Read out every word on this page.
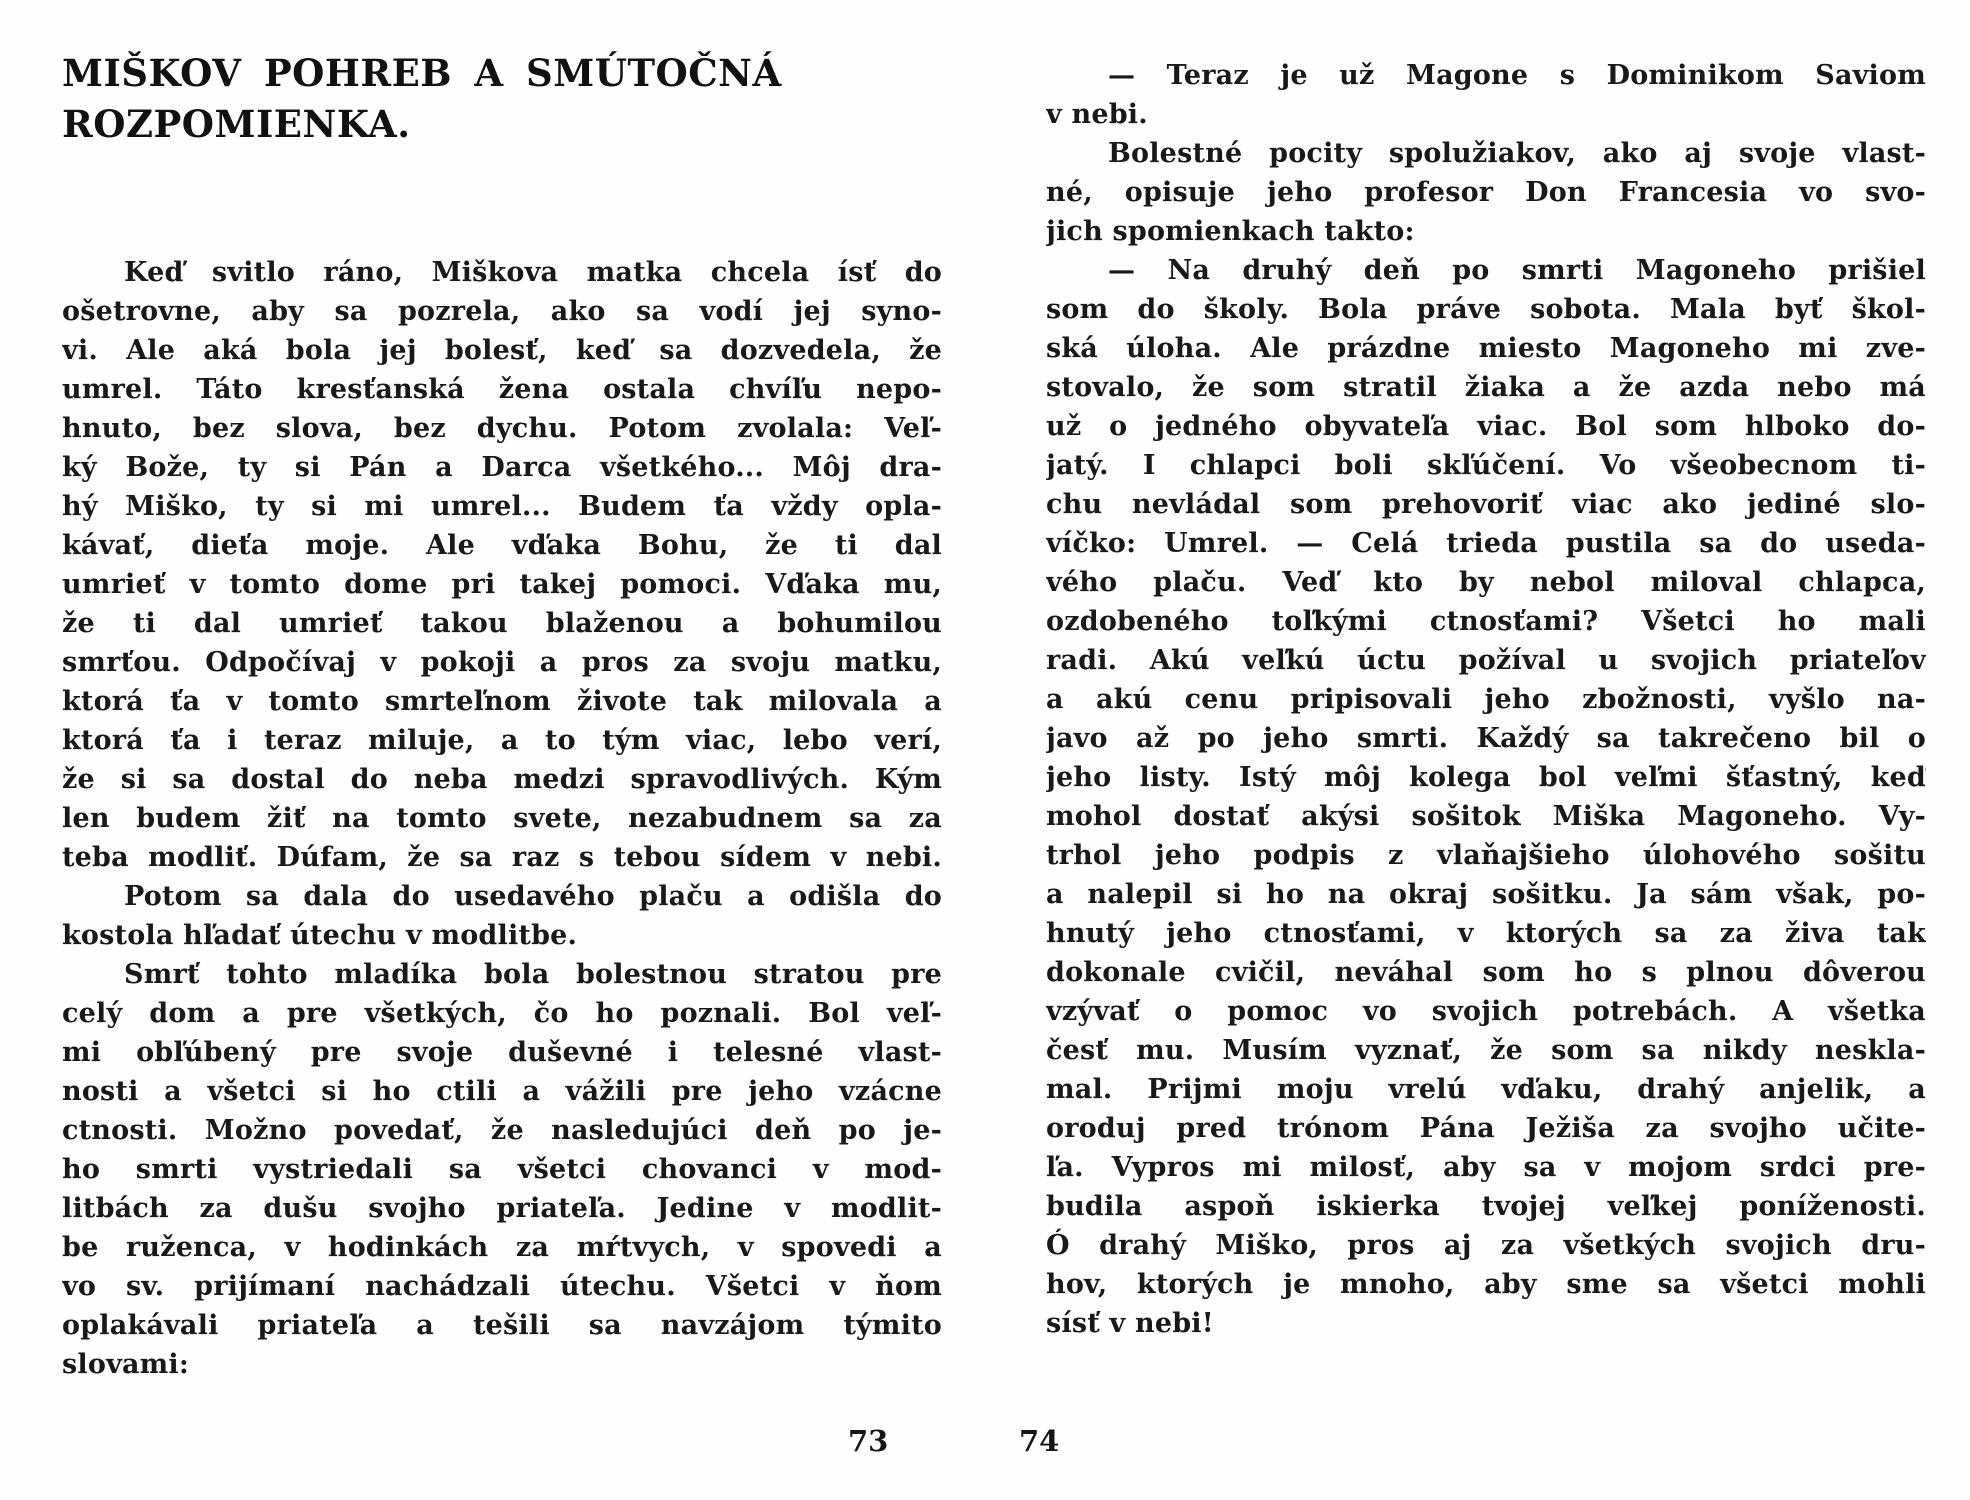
MIŠKOV POHREB A SMÚTOČNÁ
ROZPOMIENKA.
Keď svitlo ráno, Miškova matka chcela ísť do
ošetrovne, aby sa pozrela, ako sa vodí jej syno-
vi. Ale aká bola jej bolesť, keď sa dozvedela, že
umrel. Táto kresťanská žena ostala chvíľu nepo-
hnuto, bez slova, bez dychu. Potom zvolala: Veľ-
ký Bože, ty si Pán a Darca všetkého... Môj dra-
hý Miško, ty si mi umrel... Budem ťa vždy opla-
kávať, dieťa moje. Ale vďaka Bohu, že ti dal
umrieť v tomto dome pri takej pomoci. Vďaka mu,
že ti dal umrieť takou blaženou a bohumilou
smrťou. Odpočívaj v pokoji a pros za svoju matku,
ktorá ťa v tomto smrteľnom živote tak milovala a
ktorá ťa i teraz miluje, a to tým viac, lebo verí,
že si sa dostal do neba medzi spravodlivých. Kým
len budem žiť na tomto svete, nezabudnem sa za
teba modliť. Dúfam, že sa raz s tebou sídem v nebi.
Potom sa dala do usedavého plaču a odišla do
kostola hľadať útechu v modlitbe.
Smrť tohto mladíka bola bolestnou stratou pre
celý dom a pre všetkých, čo ho poznali. Bol veľ-
mi obľúbený pre svoje duševné i telesné vlast-
nosti a všetci si ho ctili a vážili pre jeho vzácne
ctnosti. Možno povedať, že nasledujúci deň po je-
ho smrti vystriedali sa všetci chovanci v mod-
litbách za dušu svojho priateľa. Jedine v modlit-
be ruženca, v hodinkách za mŕtvych, v spovedi a
vo sv. prijímaní nachádzali útechu. Všetci v ňom
oplakávali priateľa a tešili sa navzájom týmito
slovami:
73
— Teraz je už Magone s Dominikom Saviom
v nebi.
Bolestné pocity spolužiakov, ako aj svoje vlast-
né, opisuje jeho profesor Don Francesia vo svo-
jich spomienkach takto:
— Na druhý deň po smrti Magoneho prišiel
som do školy. Bola práve sobota. Mala byť škol-
ská úloha. Ale prázdne miesto Magoneho mi zve-
stovalo, že som stratil žiaka a že azda nebo má
už o jedného obyvateľa viac. Bol som hlboko do-
jatý. I chlapci boli skľúčení. Vo všeobecnom ti-
chu nevládal som prehovoriť viac ako jediné slo-
víčko: Umrel. — Celá trieda pustila sa do useda-
vého plaču. Veď kto by nebol miloval chlapca,
ozdobeného toľkými ctnosťami? Všetci ho mali
radi. Akú veľkú úctu požíval u svojich priateľov
a akú cenu pripisovali jeho zbožnosti, vyšlo na-
javo až po jeho smrti. Každý sa takrečeno bil o
jeho listy. Istý môj kolega bol veľmi šťastný, keď
mohol dostať akýsi sošitok Miška Magoneho. Vy-
trhol jeho podpis z vlaňajšieho úlohového sošitu
a nalepil si ho na okraj sošitku. Ja sám však, po-
hnutý jeho ctnosťami, v ktorých sa za živa tak
dokonale cvičil, neváhal som ho s plnou dôverou
vzývať o pomoc vo svojich potrebách. A všetka
česť mu. Musím vyznať, že som sa nikdy neskla-
mal. Prijmi moju vrelú vďaku, drahý anjelik, a
oroduj pred trónom Pána Ježiša za svojho učite-
ľa. Vypros mi milosť, aby sa v mojom srdci pre-
budila aspoň iskierka tvojej veľkej poníženosti.
Ó drahý Miško, pros aj za všetkých svojich dru-
hov, ktorých je mnoho, aby sme sa všetci mohli
sísť v nebi!
74
